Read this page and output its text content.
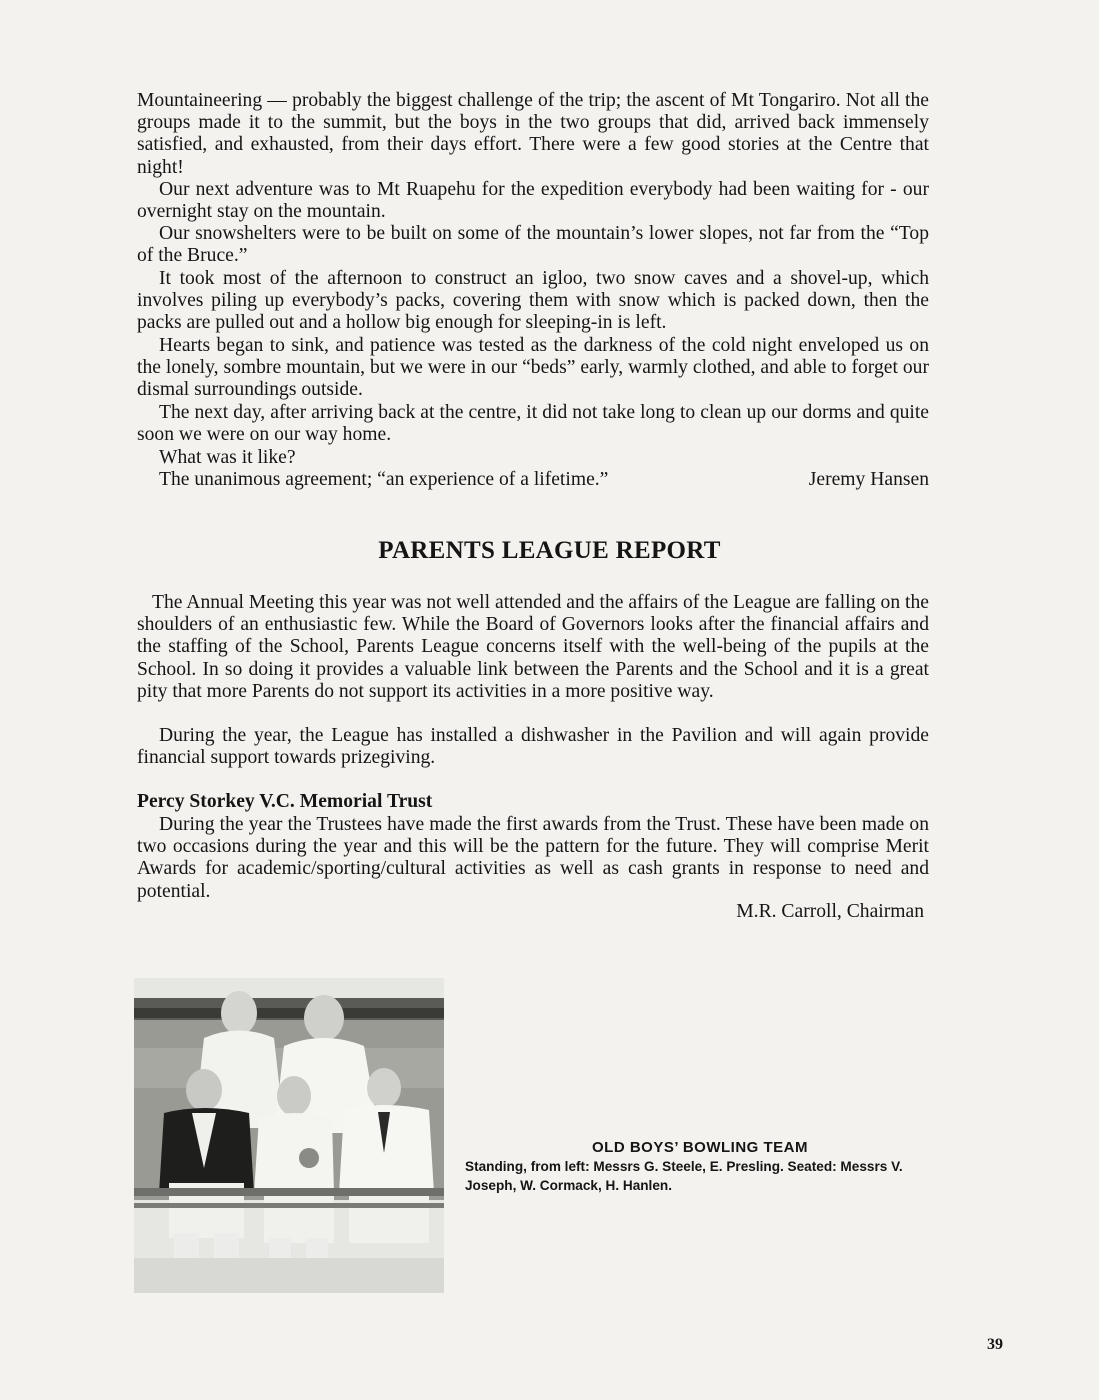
Mountaineering — probably the biggest challenge of the trip; the ascent of Mt Tongariro. Not all the groups made it to the summit, but the boys in the two groups that did, arrived back immensely satisfied, and exhausted, from their days effort. There were a few good stories at the Centre that night!

Our next adventure was to Mt Ruapehu for the expedition everybody had been waiting for - our overnight stay on the mountain.

Our snowshelters were to be built on some of the mountain’s lower slopes, not far from the “Top of the Bruce.”

It took most of the afternoon to construct an igloo, two snow caves and a shovel-up, which involves piling up everybody’s packs, covering them with snow which is packed down, then the packs are pulled out and a hollow big enough for sleeping-in is left.

Hearts began to sink, and patience was tested as the darkness of the cold night enveloped us on the lonely, sombre mountain, but we were in our “beds” early, warmly clothed, and able to forget our dismal surroundings outside.

The next day, after arriving back at the centre, it did not take long to clean up our dorms and quite soon we were on our way home.

What was it like?

The unanimous agreement; “an experience of a lifetime.”	Jeremy Hansen
PARENTS LEAGUE REPORT

The Annual Meeting this year was not well attended and the affairs of the League are falling on the shoulders of an enthusiastic few. While the Board of Governors looks after the financial affairs and the staffing of the School, Parents League concerns itself with the well-being of the pupils at the School. In so doing it provides a valuable link between the Parents and the School and it is a great pity that more Parents do not support its activities in a more positive way.

During the year, the League has installed a dishwasher in the Pavilion and will again provide financial support towards prizegiving.

Percy Storkey V.C. Memorial Trust

During the year the Trustees have made the first awards from the Trust. These have been made on two occasions during the year and this will be the pattern for the future. They will comprise Merit Awards for academic/sporting/cultural activities as well as cash grants in response to need and potential.

M.R. Carroll, Chairman
OLD BOYS’ BOWLING TEAM
Standing, from left: Messrs G. Steele, E. Presling. Seated: Messrs V. Joseph, W. Cormack, H. Hanlen.
39
